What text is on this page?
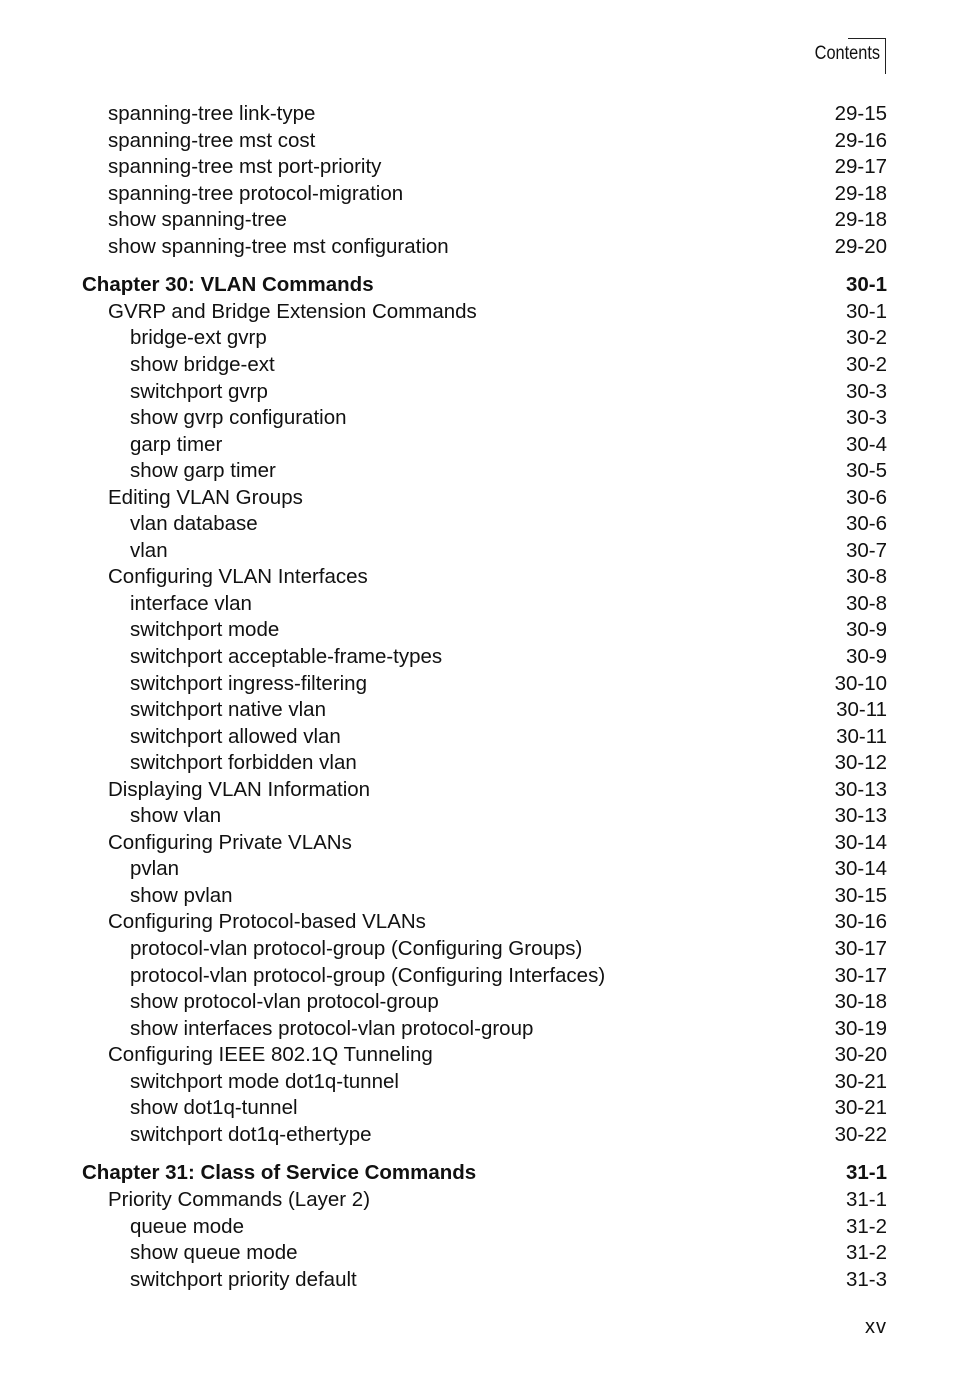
Contents
spanning-tree link-type	29-15
spanning-tree mst cost	29-16
spanning-tree mst port-priority	29-17
spanning-tree protocol-migration	29-18
show spanning-tree	29-18
show spanning-tree mst configuration	29-20
Chapter 30: VLAN Commands	30-1
GVRP and Bridge Extension Commands	30-1
bridge-ext gvrp	30-2
show bridge-ext	30-2
switchport gvrp	30-3
show gvrp configuration	30-3
garp timer	30-4
show garp timer	30-5
Editing VLAN Groups	30-6
vlan database	30-6
vlan	30-7
Configuring VLAN Interfaces	30-8
interface vlan	30-8
switchport mode	30-9
switchport acceptable-frame-types	30-9
switchport ingress-filtering	30-10
switchport native vlan	30-11
switchport allowed vlan	30-11
switchport forbidden vlan	30-12
Displaying VLAN Information	30-13
show vlan	30-13
Configuring Private VLANs	30-14
pvlan	30-14
show pvlan	30-15
Configuring Protocol-based VLANs	30-16
protocol-vlan protocol-group (Configuring Groups)	30-17
protocol-vlan protocol-group (Configuring Interfaces)	30-17
show protocol-vlan protocol-group	30-18
show interfaces protocol-vlan protocol-group	30-19
Configuring IEEE 802.1Q Tunneling	30-20
switchport mode dot1q-tunnel	30-21
show dot1q-tunnel	30-21
switchport dot1q-ethertype	30-22
Chapter 31: Class of Service Commands	31-1
Priority Commands (Layer 2)	31-1
queue mode	31-2
show queue mode	31-2
switchport priority default	31-3
xv
